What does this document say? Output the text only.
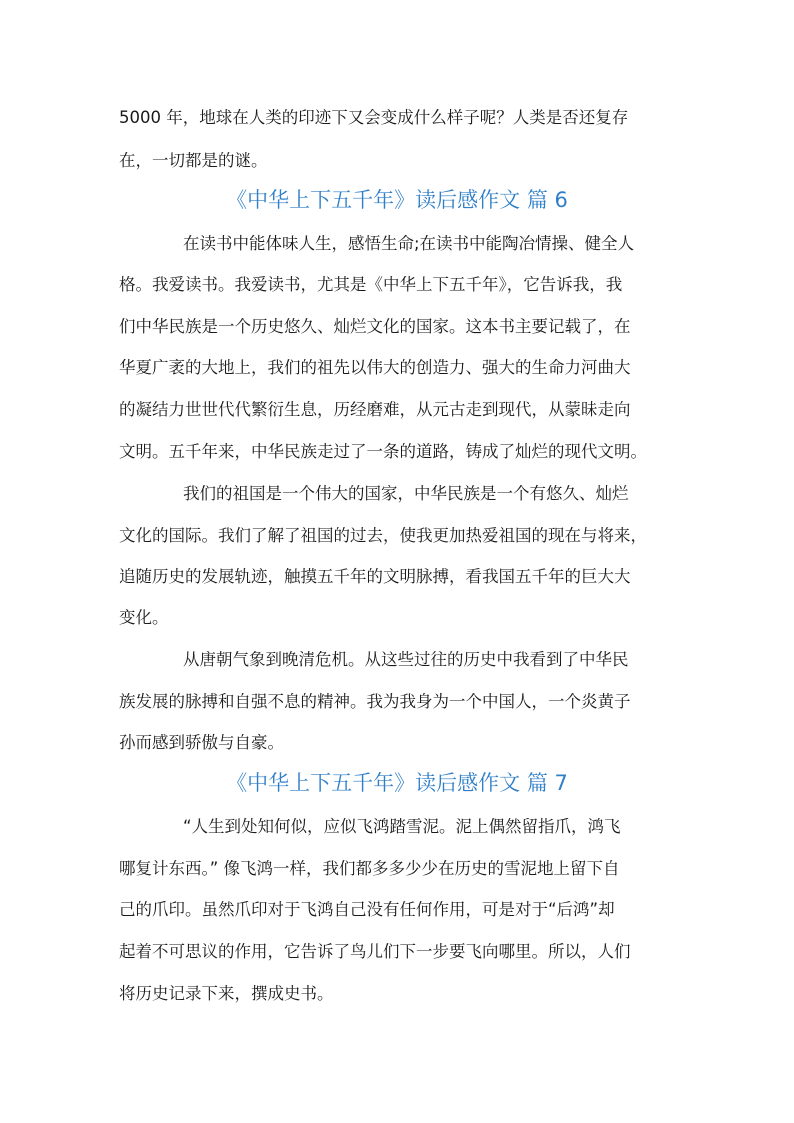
5000 年，地球在人类的印迹下又会变成什么样子呢？人类是否还复存
在，一切都是的谜。
《中华上下五千年》读后感作文 篇 6
在读书中能体味人生，感悟生命;在读书中能陶冶情操、健全人
格。我爱读书。我爱读书，尤其是《中华上下五千年》，它告诉我，我
们中华民族是一个历史悠久、灿烂文化的国家。这本书主要记载了，在
华夏广袤的大地上，我们的祖先以伟大的创造力、强大的生命力河曲大
的凝结力世世代代繁衍生息，历经磨难，从元古走到现代，从蒙昧走向
文明。五千年来，中华民族走过了一条的道路，铸成了灿烂的现代文明。
我们的祖国是一个伟大的国家，中华民族是一个有悠久、灿烂
文化的国际。我们了解了祖国的过去，使我更加热爱祖国的现在与将来，
追随历史的发展轨迹，触摸五千年的文明脉搏，看我国五千年的巨大大
变化。
从唐朝气象到晚清危机。从这些过往的历史中我看到了中华民
族发展的脉搏和自强不息的精神。我为我身为一个中国人，一个炎黄子
孙而感到骄傲与自豪。
《中华上下五千年》读后感作文 篇 7
“人生到处知何似，应似飞鸿踏雪泥。泥上偶然留指爪，鸿飞
哪复计东西。” 像飞鸿一样，我们都多多少少在历史的雪泥地上留下自
己的爪印。虽然爪印对于飞鸿自己没有任何作用，可是对于“后鸿”却
起着不可思议的作用，它告诉了鸟儿们下一步要飞向哪里。所以，人们
将历史记录下来，撰成史书。
